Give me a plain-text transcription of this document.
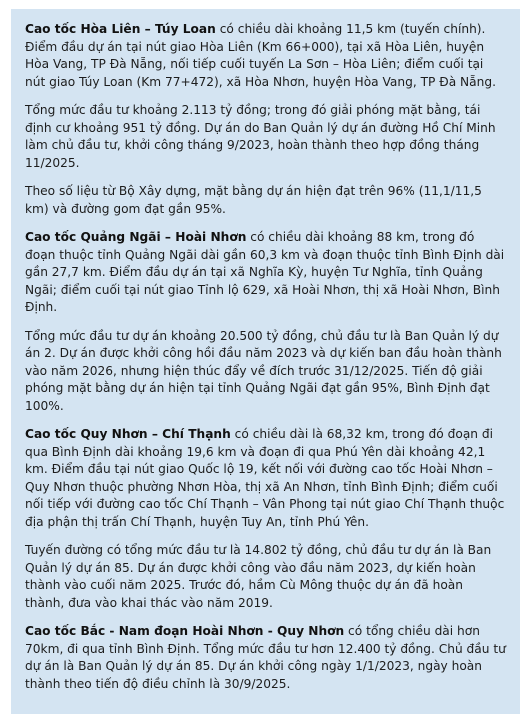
Cao tốc Hòa Liên – Túy Loan có chiều dài khoảng 11,5 km (tuyến chính). Điểm đầu dự án tại nút giao Hòa Liên (Km 66+000), tại xã Hòa Liên, huyện Hòa Vang, TP Đà Nẵng, nối tiếp cuối tuyến La Sơn – Hòa Liên; điểm cuối tại nút giao Túy Loan (Km 77+472), xã Hòa Nhơn, huyện Hòa Vang, TP Đà Nẵng.

Tổng mức đầu tư khoảng 2.113 tỷ đồng; trong đó giải phóng mặt bằng, tái định cư khoảng 951 tỷ đồng. Dự án do Ban Quản lý dự án đường Hồ Chí Minh làm chủ đầu tư, khởi công tháng 9/2023, hoàn thành theo hợp đồng tháng 11/2025.

Theo số liệu từ Bộ Xây dựng, mặt bằng dự án hiện đạt trên 96% (11,1/11,5 km) và đường gom đạt gần 95%.

Cao tốc Quảng Ngãi – Hoài Nhơn có chiều dài khoảng 88 km, trong đó đoạn thuộc tỉnh Quảng Ngãi dài gần 60,3 km và đoạn thuộc tỉnh Bình Định dài gần 27,7 km. Điểm đầu dự án tại xã Nghĩa Kỳ, huyện Tư Nghĩa, tỉnh Quảng Ngãi; điểm cuối tại nút giao Tỉnh lộ 629, xã Hoài Nhơn, thị xã Hoài Nhơn, Bình Định.

Tổng mức đầu tư dự án khoảng 20.500 tỷ đồng, chủ đầu tư là Ban Quản lý dự án 2. Dự án được khởi công hồi đầu năm 2023 và dự kiến ban đầu hoàn thành vào năm 2026, nhưng hiện thúc đẩy về đích trước 31/12/2025. Tiến độ giải phóng mặt bằng dự án hiện tại tỉnh Quảng Ngãi đạt gần 95%, Bình Định đạt 100%.

Cao tốc Quy Nhơn – Chí Thạnh có chiều dài là 68,32 km, trong đó đoạn đi qua Bình Định dài khoảng 19,6 km và đoạn đi qua Phú Yên dài khoảng 42,1 km. Điểm đầu tại nút giao Quốc lộ 19, kết nối với đường cao tốc Hoài Nhơn – Quy Nhơn thuộc phường Nhơn Hòa, thị xã An Nhơn, tỉnh Bình Định; điểm cuối nối tiếp với đường cao tốc Chí Thạnh – Vân Phong tại nút giao Chí Thạnh thuộc địa phận thị trấn Chí Thạnh, huyện Tuy An, tỉnh Phú Yên.

Tuyến đường có tổng mức đầu tư là 14.802 tỷ đồng, chủ đầu tư dự án là Ban Quản lý dự án 85. Dự án được khởi công vào đầu năm 2023, dự kiến hoàn thành vào cuối năm 2025. Trước đó, hầm Cù Mông thuộc dự án đã hoàn thành, đưa vào khai thác vào năm 2019.

Cao tốc Bắc - Nam đoạn Hoài Nhơn - Quy Nhơn có tổng chiều dài hơn 70km, đi qua tỉnh Bình Định. Tổng mức đầu tư hơn 12.400 tỷ đồng. Chủ đầu tư dự án là Ban Quản lý dự án 85. Dự án khởi công ngày 1/1/2023, ngày hoàn thành theo tiến độ điều chỉnh là 30/9/2025.
